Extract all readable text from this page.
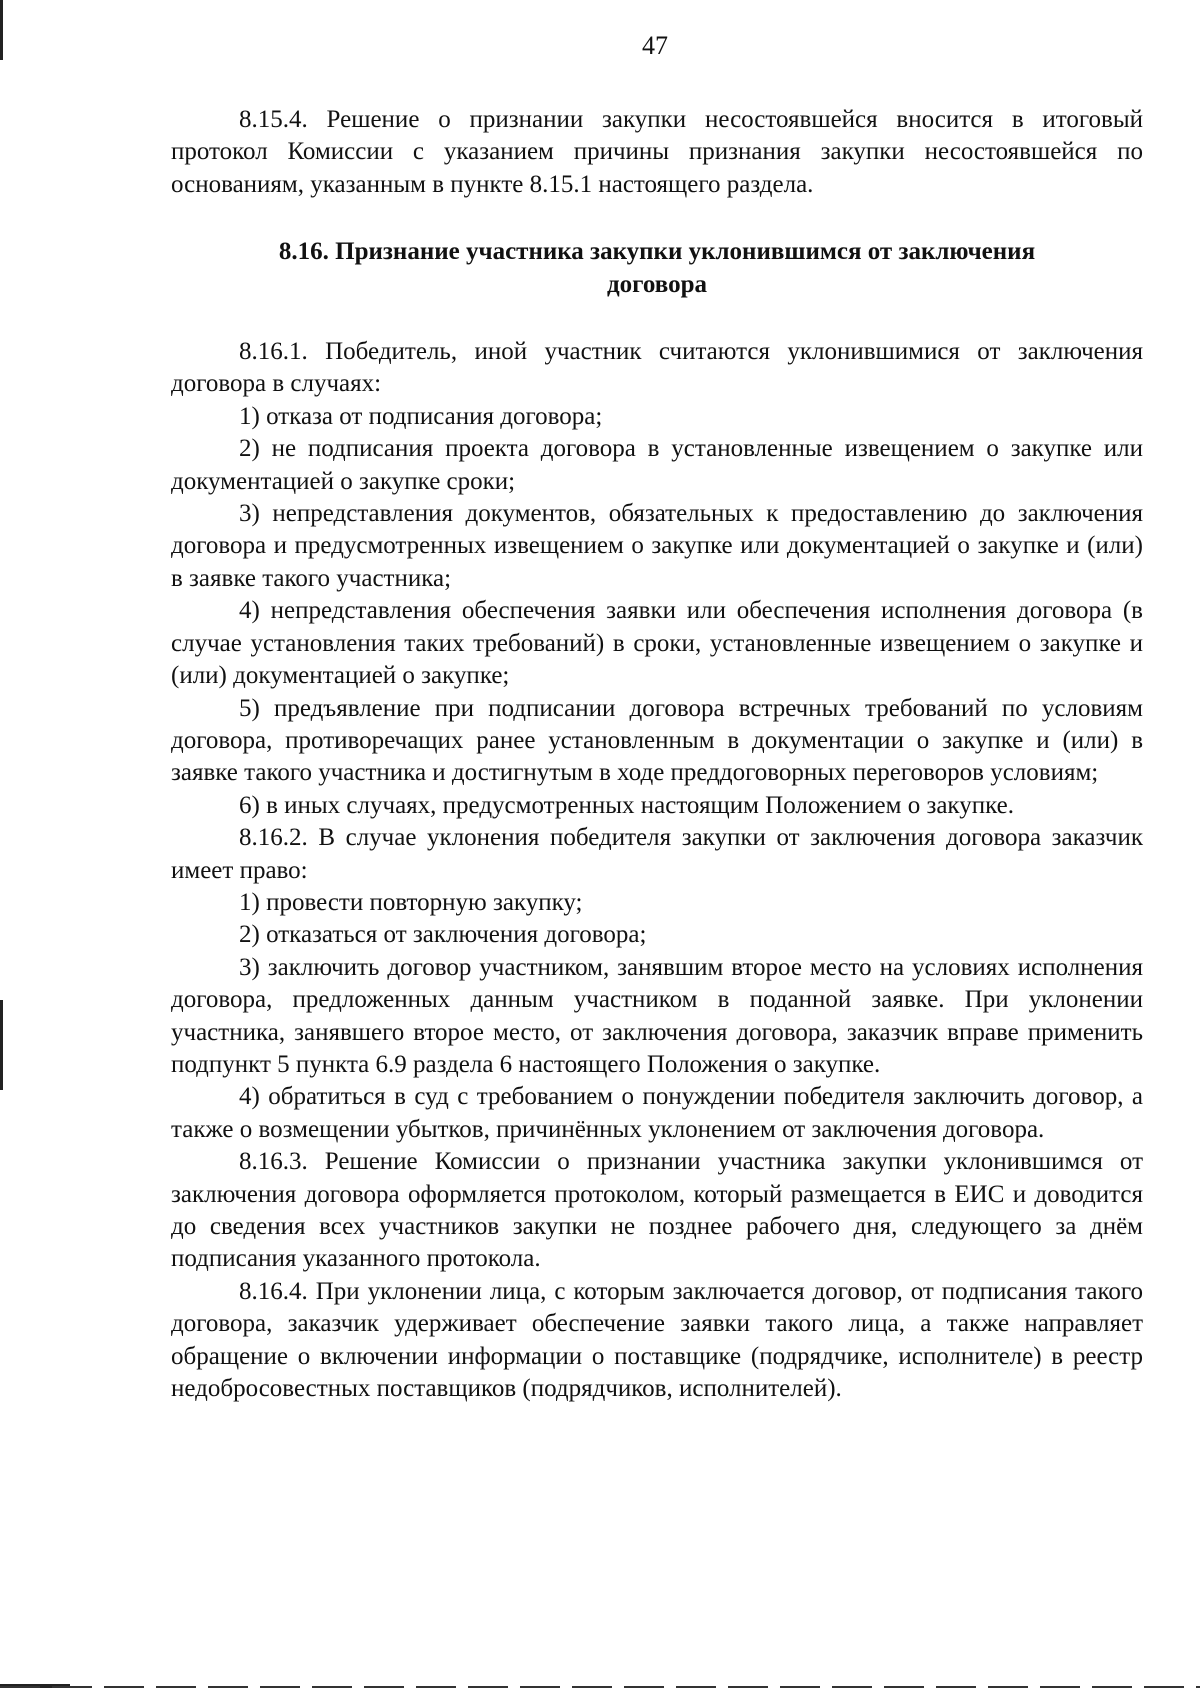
47

8.15.4. Решение о признании закупки несостоявшейся вносится в итоговый протокол Комиссии с указанием причины признания закупки несостоявшейся по основаниям, указанным в пункте 8.15.1 настоящего раздела.

8.16. Признание участника закупки уклонившимся от заключения договора

8.16.1. Победитель, иной участник считаются уклонившимися от заключения договора в случаях:

1) отказа от подписания договора;

2) не подписания проекта договора в установленные извещением о закупке или документацией о закупке сроки;

3) непредставления документов, обязательных к предоставлению до заключения договора и предусмотренных извещением о закупке или документацией о закупке и (или) в заявке такого участника;

4) непредставления обеспечения заявки или обеспечения исполнения договора (в случае установления таких требований) в сроки, установленные извещением о закупке и (или) документацией о закупке;

5) предъявление при подписании договора встречных требований по условиям договора, противоречащих ранее установленным в документации о закупке и (или) в заявке такого участника и достигнутым в ходе преддоговорных переговоров условиям;

6) в иных случаях, предусмотренных настоящим Положением о закупке.

8.16.2. В случае уклонения победителя закупки от заключения договора заказчик имеет право:

1) провести повторную закупку;

2) отказаться от заключения договора;

3) заключить договор участником, занявшим второе место на условиях исполнения договора, предложенных данным участником в поданной заявке. При уклонении участника, занявшего второе место, от заключения договора, заказчик вправе применить подпункт 5 пункта 6.9 раздела 6 настоящего Положения о закупке.

4) обратиться в суд с требованием о понуждении победителя заключить договор, а также о возмещении убытков, причинённых уклонением от заключения договора.

8.16.3. Решение Комиссии о признании участника закупки уклонившимся от заключения договора оформляется протоколом, который размещается в ЕИС и доводится до сведения всех участников закупки не позднее рабочего дня, следующего за днём подписания указанного протокола.

8.16.4. При уклонении лица, с которым заключается договор, от подписания такого договора, заказчик удерживает обеспечение заявки такого лица, а также направляет обращение о включении информации о поставщике (подрядчике, исполнителе) в реестр недобросовестных поставщиков (подрядчиков, исполнителей).
